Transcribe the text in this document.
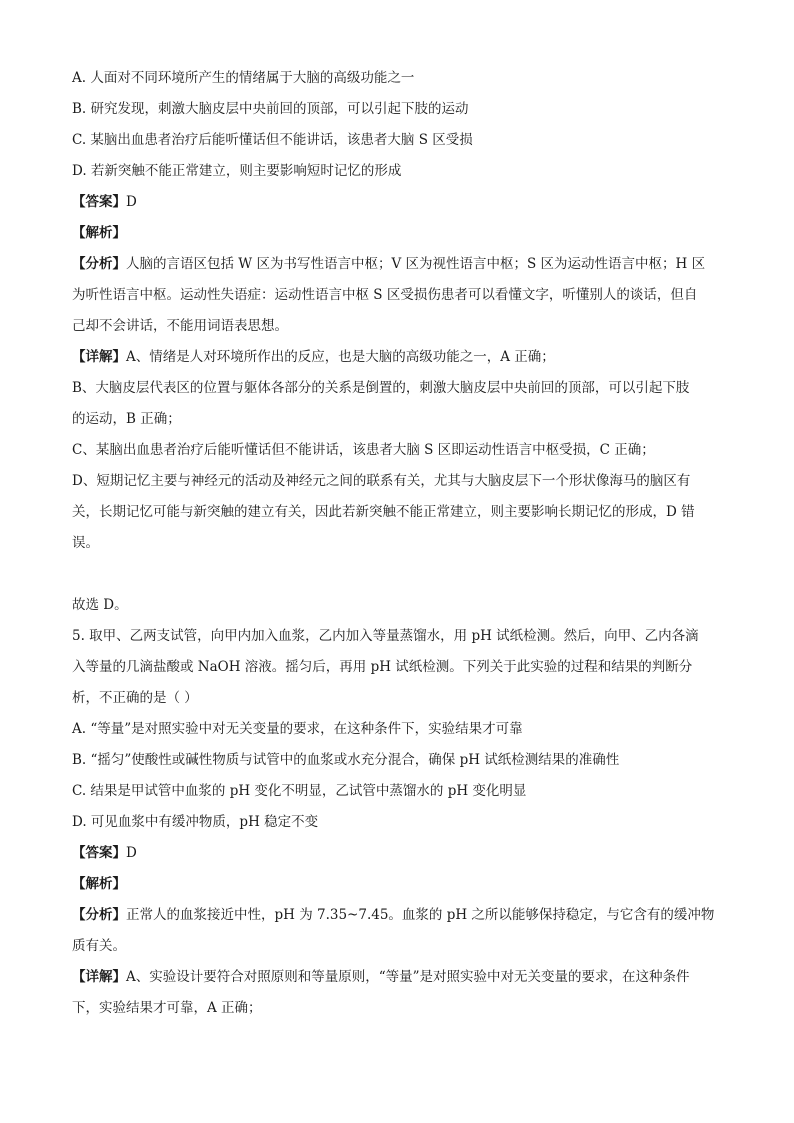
A. 人面对不同环境所产生的情绪属于大脑的高级功能之一

B. 研究发现，刺激大脑皮层中央前回的顶部，可以引起下肢的运动

C. 某脑出血患者治疗后能听懂话但不能讲话，该患者大脑 S 区受损

D. 若新突触不能正常建立，则主要影响短时记忆的形成

【答案】D

【解析】

【分析】人脑的言语区包括 W 区为书写性语言中枢；V 区为视性语言中枢；S 区为运动性语言中枢；H 区

为听性语言中枢。运动性失语症：运动性语言中枢 S 区受损伤患者可以看懂文字，听懂别人的谈话，但自

己却不会讲话，不能用词语表思想。

【详解】A、情绪是人对环境所作出的反应，也是大脑的高级功能之一，A 正确；

B、大脑皮层代表区的位置与躯体各部分的关系是倒置的，刺激大脑皮层中央前回的顶部，可以引起下肢

的运动，B 正确；

C、某脑出血患者治疗后能听懂话但不能讲话，该患者大脑 S 区即运动性语言中枢受损，C 正确；

D、短期记忆主要与神经元的活动及神经元之间的联系有关，尤其与大脑皮层下一个形状像海马的脑区有

关，长期记忆可能与新突触的建立有关，因此若新突触不能正常建立，则主要影响长期记忆的形成，D 错

误。

故选 D。

5. 取甲、乙两支试管，向甲内加入血浆，乙内加入等量蒸馏水，用 pH 试纸检测。然后，向甲、乙内各滴

入等量的几滴盐酸或 NaOH 溶液。摇匀后，再用 pH 试纸检测。下列关于此实验的过程和结果的判断分

析，不正确的是（ ）

A. “等量”是对照实验中对无关变量的要求，在这种条件下，实验结果才可靠

B. “摇匀”使酸性或碱性物质与试管中的血浆或水充分混合，确保 pH 试纸检测结果的准确性

C. 结果是甲试管中血浆的 pH 变化不明显，乙试管中蒸馏水的 pH 变化明显

D. 可见血浆中有缓冲物质，pH 稳定不变

【答案】D

【解析】

【分析】正常人的血浆接近中性，pH 为 7.35~7.45。血浆的 pH 之所以能够保持稳定，与它含有的缓冲物

质有关。

【详解】A、实验设计要符合对照原则和等量原则，“等量”是对照实验中对无关变量的要求，在这种条件

下，实验结果才可靠，A 正确；
